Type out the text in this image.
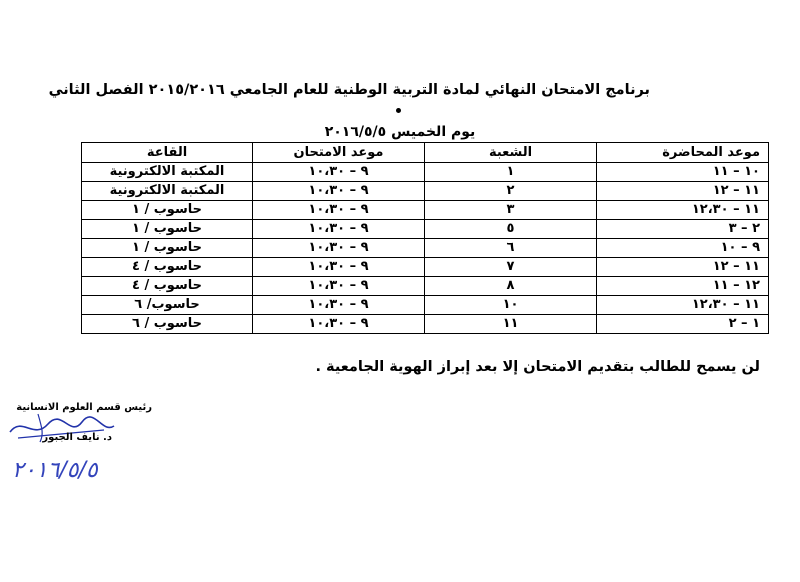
برنامج الامتحان النهائي لمادة التربية الوطنية للعام الجامعي ٢٠١٥/٢٠١٦ الفصل الثاني
يوم الخميس ٢٠١٦/٥/٥
موعد المحاضرة	الشعبة	موعد الامتحان	القاعة
١٠ – ١١	١	٩ – ١٠،٣٠	المكتبة الالكترونية
١١ – ١٢	٢	٩ – ١٠،٣٠	المكتبة الالكترونية
١١ – ١٢،٣٠	٣	٩ – ١٠،٣٠	حاسوب / ١
٢ – ٣	٥	٩ – ١٠،٣٠	حاسوب / ١
٩ – ١٠	٦	٩ – ١٠،٣٠	حاسوب / ١
١١ – ١٢	٧	٩ – ١٠،٣٠	حاسوب / ٤
١٢ – ١١	٨	٩ – ١٠،٣٠	حاسوب / ٤
١١ – ١٢،٣٠	١٠	٩ – ١٠،٣٠	حاسوب/ ٦
١ – ٢	١١	٩ – ١٠،٣٠	حاسوب / ٦
لن يسمح للطالب بتقديم الامتحان إلا بعد إبراز الهوية الجامعية .
رئيس قسم العلوم الانسانية
د. نايف الجبور
٢٠١٦/٥/٥
